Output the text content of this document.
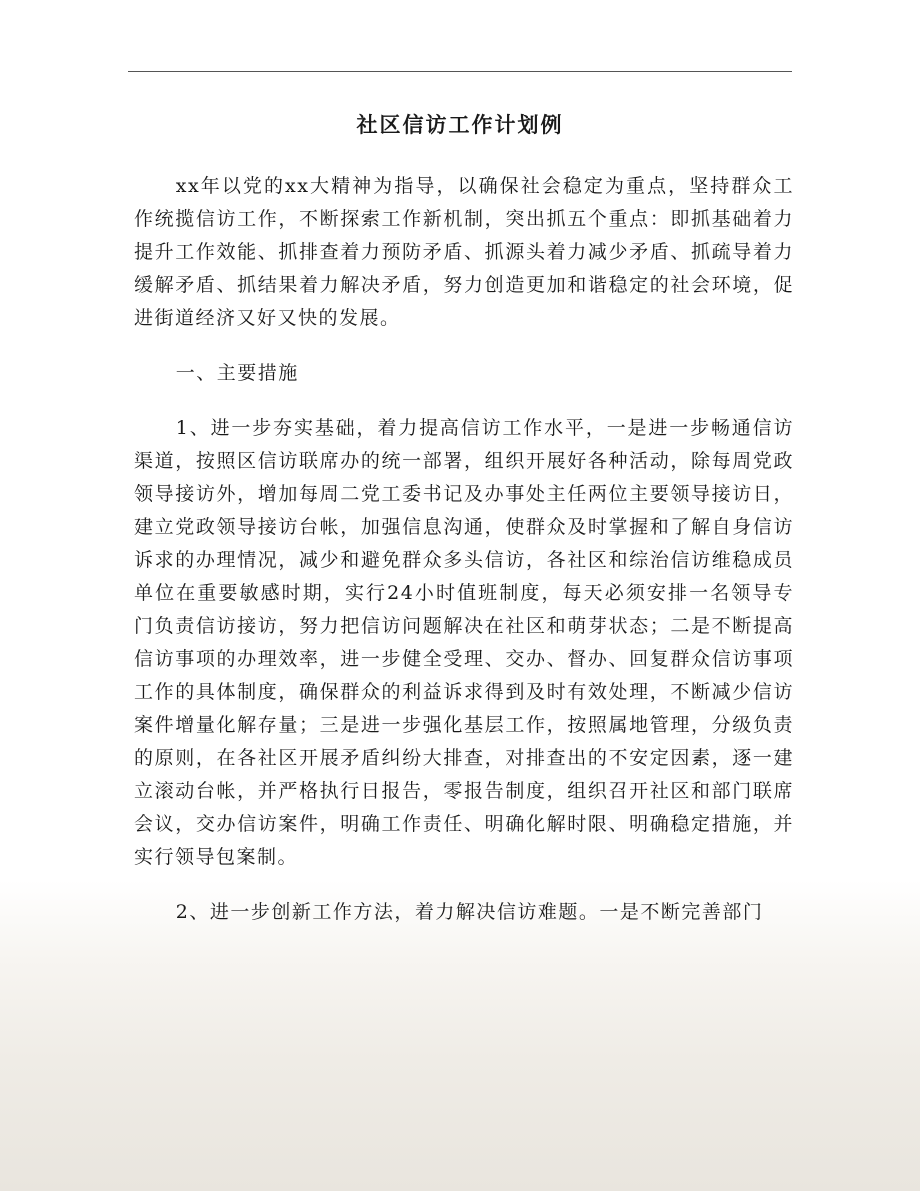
社区信访工作计划例

xx年以党的xx大精神为指导，以确保社会稳定为重点，坚持群众工作统揽信访工作，不断探索工作新机制，突出抓五个重点：即抓基础着力提升工作效能、抓排查着力预防矛盾、抓源头着力减少矛盾、抓疏导着力缓解矛盾、抓结果着力解决矛盾，努力创造更加和谐稳定的社会环境，促进街道经济又好又快的发展。

一、主要措施

1、进一步夯实基础，着力提高信访工作水平，一是进一步畅通信访渠道，按照区信访联席办的统一部署，组织开展好各种活动，除每周党政领导接访外，增加每周二党工委书记及办事处主任两位主要领导接访日，建立党政领导接访台帐，加强信息沟通，使群众及时掌握和了解自身信访诉求的办理情况，减少和避免群众多头信访，各社区和综治信访维稳成员单位在重要敏感时期，实行24小时值班制度，每天必须安排一名领导专门负责信访接访，努力把信访问题解决在社区和萌芽状态；二是不断提高信访事项的办理效率，进一步健全受理、交办、督办、回复群众信访事项工作的具体制度，确保群众的利益诉求得到及时有效处理，不断减少信访案件增量化解存量；三是进一步强化基层工作，按照属地管理，分级负责的原则，在各社区开展矛盾纠纷大排查，对排查出的不安定因素，逐一建立滚动台帐，并严格执行日报告，零报告制度，组织召开社区和部门联席会议，交办信访案件，明确工作责任、明确化解时限、明确稳定措施，并实行领导包案制。

2、进一步创新工作方法，着力解决信访难题。一是不断完善部门
